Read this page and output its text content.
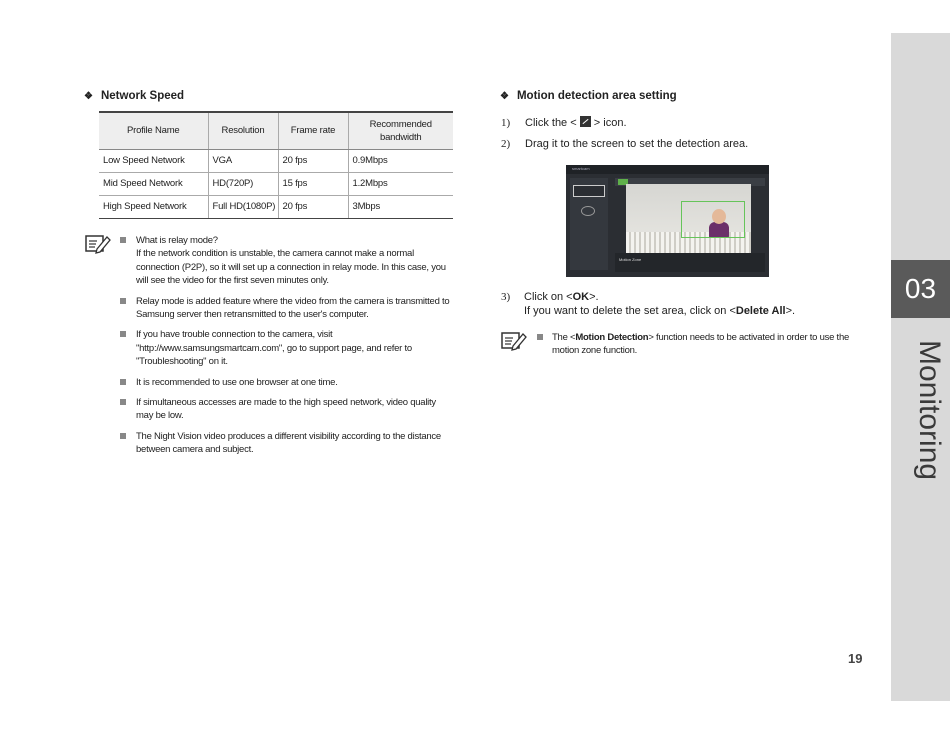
03
Monitoring
19
❖ Network Speed
Profile Name	Resolution	Frame rate	Recommended bandwidth
Low Speed Network	VGA	20 fps	0.9Mbps
Mid Speed Network	HD(720P)	15 fps	1.2Mbps
High Speed Network	Full HD(1080P)	20 fps	3Mbps
What is relay mode?
If the network condition is unstable, the camera cannot make a normal connection (P2P), so it will set up a connection in relay mode. In this case, you will see the video for the first seven minutes only.
Relay mode is added feature where the video from the camera is transmitted to Samsung server then retransmitted to the user's computer.
If you have trouble connection to the camera, visit "http://www.samsungsmartcam.com", go to support page, and refer to "Troubleshooting" on it.
It is recommended to use one browser at one time.
If simultaneous accesses are made to the high speed network, video quality may be low.
The Night Vision video produces a different visibility according to the distance between camera and subject.
❖ Motion detection area setting
1) Click the < > icon.
2) Drag it to the screen to set the detection area.
smartcam
Motion Zone
3) Click on <OK>.
If you want to delete the set area, click on <Delete All>.
The <Motion Detection> function needs to be activated in order to use the motion zone function.
